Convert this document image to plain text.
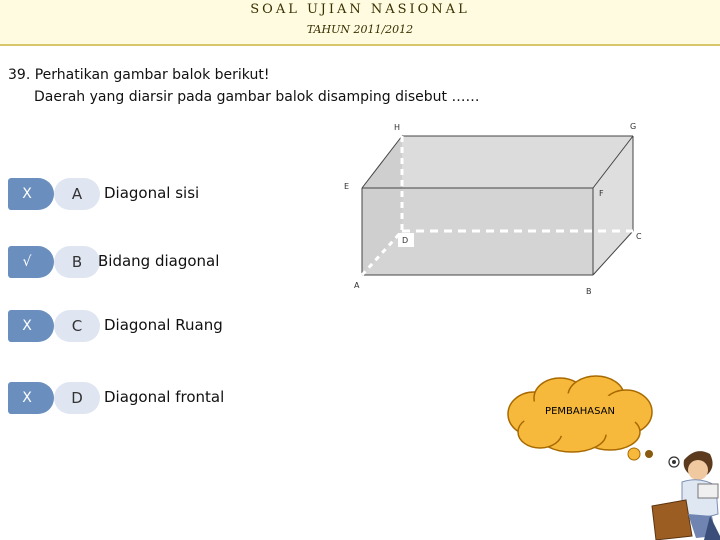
SOAL UJIAN NASIONAL
TAHUN 2011/2012
39. Perhatikan gambar balok berikut!
Daerah yang diarsir pada gambar balok disamping disebut ……
X	A	Diagonal sisi
√	B	Bidang diagonal
X	C	Diagonal Ruang
X	D	Diagonal frontal
A
B
C
D
E
F
G
H
PEMBAHASAN
